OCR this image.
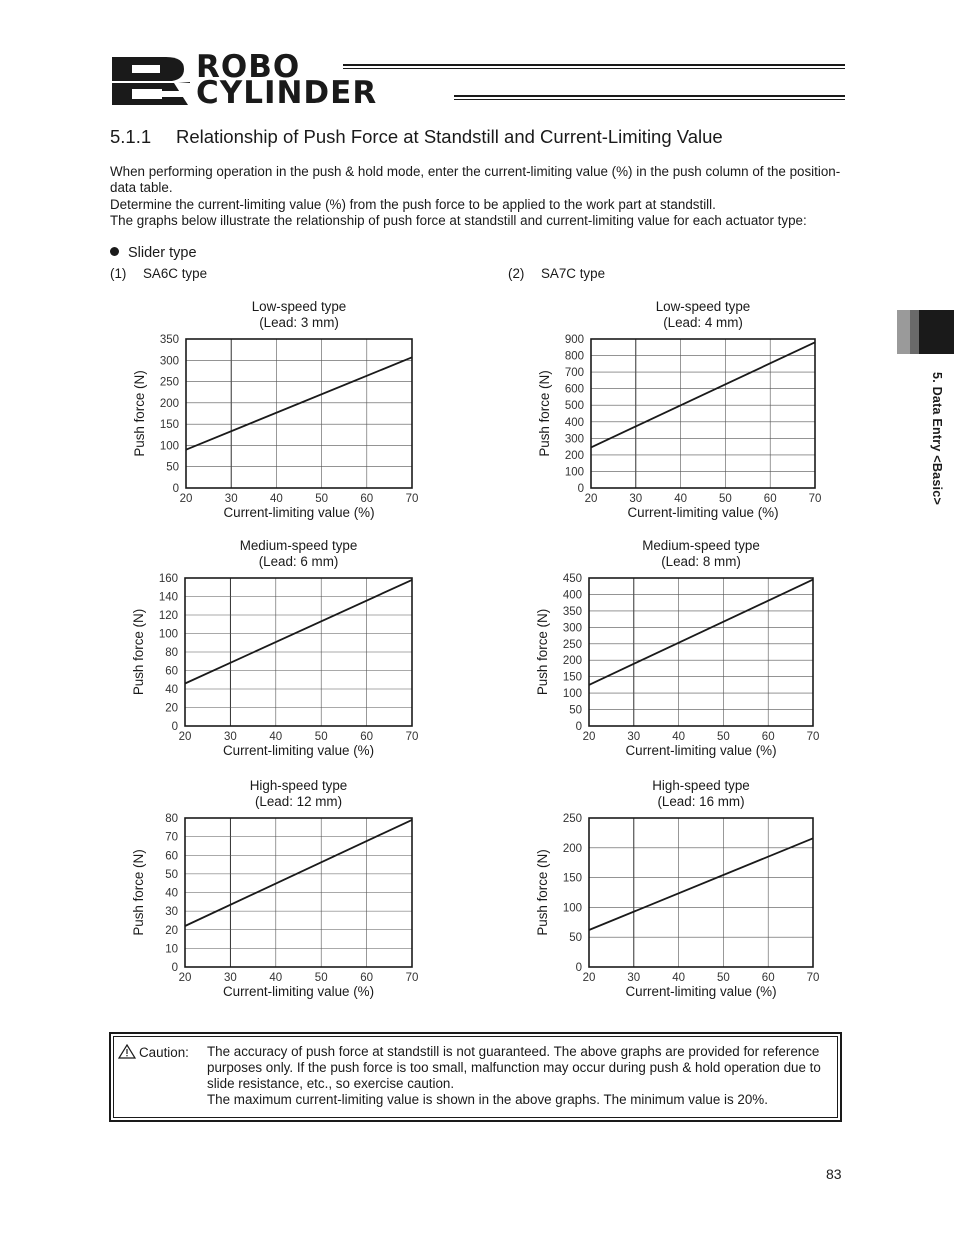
ROBO
CYLINDER
5.1.1 Relationship of Push Force at Standstill and Current-Limiting Value
When performing operation in the push & hold mode, enter the current-limiting value (%) in the push column of the position-data table.
Determine the current-limiting value (%) from the push force to be applied to the work part at standstill.
The graphs below illustrate the relationship of push force at standstill and current-limiting value for each actuator type:
Slider type
(1) SA6C type	(2) SA7C type
20	30	40	50	60	70
0
50
100
150
200
250
300
350
Low-speed type
(Lead: 3 mm)
Current-limiting value (%)
Push force (N)
20	30	40	50	60	70
0
100
200
300
400
500
600
700
800
900
Low-speed type
(Lead: 4 mm)
Current-limiting value (%)
Push force (N)
20	30	40	50	60	70
0
20
40
60
80
100
120
140
160
Medium-speed type
(Lead: 6 mm)
Current-limiting value (%)
Push force (N)
20	30	40	50	60	70
0
50
100
150
200
250
300
350
400
450
Medium-speed type
(Lead: 8 mm)
Current-limiting value (%)
Push force (N)
20	30	40	50	60	70
0
10
20
30
40
50
60
70
80
High-speed type
(Lead: 12 mm)
Current-limiting value (%)
Push force (N)
20	30	40	50	60	70
0
50
100
150
200
250
High-speed type
(Lead: 16 mm)
Current-limiting value (%)
Push force (N)
5. Data Entry <Basic>
Caution: The accuracy of push force at standstill is not guaranteed. The above graphs are provided for reference purposes only. If the push force is too small, malfunction may occur during push & hold operation due to slide resistance, etc., so exercise caution.
The maximum current-limiting value is shown in the above graphs. The minimum value is 20%.
83
